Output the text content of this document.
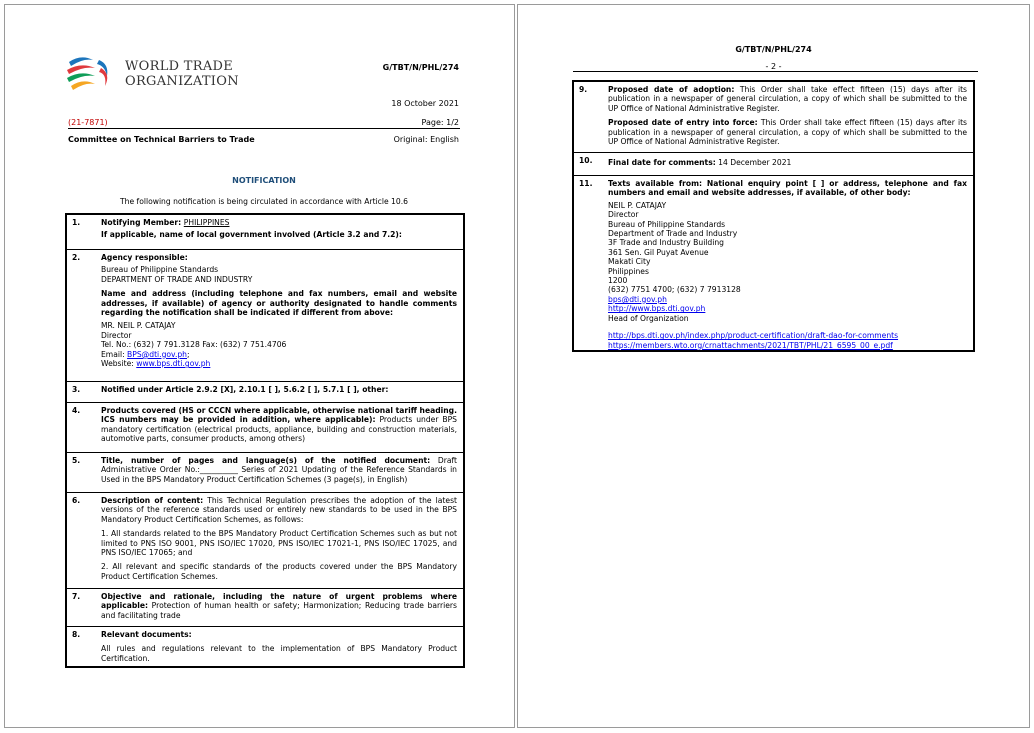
WORLD TRADE
ORGANIZATION
G/TBT/N/PHL/274
18 October 2021
(21-7871)	Page: 1/2
Committee on Technical Barriers to Trade	Original: English
NOTIFICATION
The following notification is being circulated in accordance with Article 10.6
1.	Notifying Member: PHILIPPINES

If applicable, name of local government involved (Article 3.2 and 7.2):

2.	Agency responsible:

Bureau of Philippine Standards

DEPARTMENT OF TRADE AND INDUSTRY

Name and address (including telephone and fax numbers, email and website addresses, if available) of agency or authority designated to handle comments regarding the notification shall be indicated if different from above:

MR. NEIL P. CATAJAY
Director
Tel. No.: (632) 7 791.3128 Fax: (632) 7 751.4706
Email: BPS@dti.gov.ph;
Website: www.bps.dti.gov.ph
3.	Notified under Article 2.9.2 [X], 2.10.1 [ ], 5.6.2 [ ], 5.7.1 [ ], other:
4.	Products covered (HS or CCCN where applicable, otherwise national tariff heading. ICS numbers may be provided in addition, where applicable): Products under BPS mandatory certification (electrical products, appliance, building and construction materials, automotive parts, consumer products, among others)
5.	Title, number of pages and language(s) of the notified document: Draft Administrative Order No.:__________ Series of 2021 Updating of the Reference Standards in Used in the BPS Mandatory Product Certification Schemes (3 page(s), in English)
6.	Description of content: This Technical Regulation prescribes the adoption of the latest versions of the reference standards used or entirely new standards to be used in the BPS Mandatory Product Certification Schemes, as follows:

1. All standards related to the BPS Mandatory Product Certification Schemes such as but not limited to PNS ISO 9001, PNS ISO/IEC 17020, PNS ISO/IEC 17021-1, PNS ISO/IEC 17025, and PNS ISO/IEC 17065; and

2. All relevant and specific standards of the products covered under the BPS Mandatory Product Certification Schemes.

7.	Objective and rationale, including the nature of urgent problems where applicable: Protection of human health or safety; Harmonization; Reducing trade barriers and facilitating trade
8.	Relevant documents:

All rules and regulations relevant to the implementation of BPS Mandatory Product Certification.

G/TBT/N/PHL/274
- 2 -
9.	Proposed date of adoption: This Order shall take effect fifteen (15) days after its publication in a newspaper of general circulation, a copy of which shall be submitted to the UP Office of National Administrative Register.

Proposed date of entry into force: This Order shall take effect fifteen (15) days after its publication in a newspaper of general circulation, a copy of which shall be submitted to the UP Office of National Administrative Register.

10. Final date for comments: 14 December 2021
11. Texts available from: National enquiry point [ ] or address, telephone and fax numbers and email and website addresses, if available, of other body:

NEIL P. CATAJAY
Director
Bureau of Philippine Standards
Department of Trade and Industry
3F Trade and Industry Building
361 Sen. Gil Puyat Avenue
Makati City
Philippines
1200
(632) 7751 4700; (632) 7 7913128
bps@dti.gov.ph
http://www.bps.dti.gov.ph

Head of Organization

http://bps.dti.gov.ph/index.php/product-certification/draft-dao-for-comments
https://members.wto.org/crnattachments/2021/TBT/PHL/21_6595_00_e.pdf
